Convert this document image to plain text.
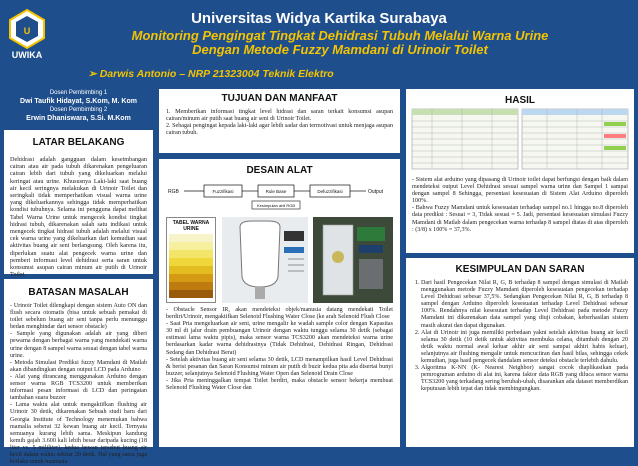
U
UWIKA
Universitas Widya Kartika Surabaya
Monitoring Pengingat Tingkat Dehidrasi Tubuh Melalui Warna Urine
Dengan Metode Fuzzy Mamdani di Urinoir Toilet
➢ Darwis Antonio – NRP 21323004 Teknik Elektro
Dosen Pembimbing 1
Dwi Taufik Hidayat, S.Kom, M. Kom
Dosen Pembimbing 2
Erwin Dhaniswara, S.Si. M.Kom
LATAR BELAKANG
Dehidrasi adalah gangguan dalam keseimbangan cairan atau air pada tubuh dikarenakan pengeluaran cairan lebih dari tubuh yang dikeluarkan melalui keringat atau urine. Khususnya Laki-laki saat buang air kecil seringnya melakukan di Urinoir Toilet dan seringkali tidak memperhatikan visual warna urine yang dikeluarkannya sehingga tidak memperhatikan kondisi tubuhnya. Selama ini pengguna dapat melihat Tabel Warna Urine untuk mengecek kondisi tingkat hidrasi tubuh, dikarenakan salah satu indikasi untuk mengecek tingkat hidrasi tubuh adalah melalui visual cek warna urine yang dikeluarkan dari kemudian saat aktivitas buang air seni berlangsung. Oleh karena itu, diperlukan suatu alat pengecek warna urine dan pemberi informasi level dehidrasi serta saran untuk konsumsi asupan cairan minum air putih di Urinoir Toilet.
BATASAN MASALAH
- Urinoir Toilet dilengkapi dengan sistem Auto ON dan flush secara otomatis (bisa untuk sebuah pemakai di toilet sebelum buang air seni tanpa perlu menunggu bedan menghindar dari sensor obstacle)
- Sample yang digunakan adalah air yang diberi pewarna dengan berbagai warna yang mendekati warna urine dengan 8 sampel warna sesuai dengan tabel warna urine.
- Metoda Simulasi Prediksi fuzzy Mamdani di Matlab akan dibandingkan dengan output LCD pada Arduino
- Alat yang dirancang menggunakan Arduino dengan sensor warna RGB TCS3200 untuk memberikan informasi pesan informasi di LCD dan peringatan tambahan suara buzzer
- Lama waktu alat untuk mengaktifkan flushing air Urinoir 30 detik, dikarenakan Sebuah studi baru dari Georgia Institute of Technology menemukan bahwa mamalia seberat 32 kewan buang air kecil. Ternyata semuanya kurang lebih sama. Meskipun kandung kemih gajah 3.600 kali lebih besar daripada kucing (18 liter vs. 5 mililiter), kedua hewan tersebut buang air kecil dalam waktu sekitar 20 detik. Hal yang sama juga berlaku untuk mamusia
TUJUAN DAN MANFAAT
1. Memberikan informasi tingkat level hidrasi dan saran terkait konsumsi asupan cairan/minum air putih saat buang air seni di Urinoir Toilet.
2. Sebagai pengingat kepada laki-laki agar lebih sadar dan termotivasi untuk menjaga asupan cairan tubuh.
DESAIN ALAT
RGB	Fuzzifikasi	Rule Base	Defuzzifikasi	Output
Kesimpulan ahli RGB
TABEL WARNA URINE
- Obstacle Sensor IR, akan mendeteksi objek/manusia datang mendekati Toilet berdiri/Urinoir, mengaktifkan Selenoid Flushing Water Close (ke arah Selenoid Flush Close
- Saat Pria mengeluarkan air seni, urine mengalir ke wadah sample color dengan Kapasitas 30 ml di jalur drain pembuangan Urinoir dengan waktu tunggu selama 30 detik (sebagai estimasi lama waktu pipis), maka sensor warna TCS3200 akan mendeteksi warna urine berdasarkan kadar warna dehidrasinya (Tidak Dehidrasi, Dehidrasi Ringan, Dehidrasi Sedang dan Dehidrasi Berat)
- Setelah aktivitas buang air seni selama 30 detik, LCD menampilkan hasil Level Dehidrasi & berisi pesanan dan Saran Konsumsi minum air putih di buzir kedua pita ada disertai bunyi buzzer, selanjutnya Selenoid Flushing Water Open dan Selenoid Drain Close
- Jika Pria meninggalkan tempat Toilet berdiri, maka obstacle sensor bekerja membuat Selenoid Flushing Water Close dan
HASIL
- Sistem alat arduino yang dipasang di Urinoir toilet dapat berfungsi dengan baik dalam mendeteksi output Level Dehidrasi sesuai sampel warna urine dan Sampel 1 sampai dengan sampel 8 Sehingga, persentasi kesesuaian di Sistem Alat Arduino diperoleh 100%.
- Bahwa Fuzzy Mamdani untuk kesesuaian terhadap sampel no.1 hingga no.8 diperoleh data prediksi : Sesuai = 3, Tidak sesuai = 5. Jadi, persentasi kesesuaian simulasi Fuzzy Mamdani di Matlab dalam pengecekan warna terhadap 8 sampel diatas di atas diperoleh : (3/8) x 100% = 37,3%.
KESIMPULAN DAN SARAN
1. Dari hasil Pengecekan Nilai R, G, B terhadap 8 sampel dengan simulasi di Matlab menggunakan metode Fuzzy Mamdani diperoleh kesesuaian pengecekan terhadap Level Dehidrasi sebesar 37,5%. Sedangkan Pengecekan Nilai R, G, B terhadap 8 sampel dengan Arduino diperoleh kesesuaian terhadap Level Dehidrasi sebesar 100%. Rendahnya nilai kesesuian terhadap Level Dehidrasi pada metode Fuzzy Mamdani ini dikarenakan data sampel yang diuji cobakan, keberhasilan sistem masih akurat dan dapat digunakan.
2. Alat di Urinoir ini juga memiliki perbedaan yakni setelah aktivitas buang air kecil selama 30 detik (10 detik untuk aktivitas membuka celana, ditambah dengan 20 detik waktu normal awal keluar akhir air seni sampai akhiri habis keluar), selanjutnya air flushing mengalir untuk mencuciiran dan hasil bilas, sehingga cekek kemudian, juga hasil pengecek dandalam sensor deteksi obstacle terlebih dahulu.
3. Algoritma K-NN (K- Nearest Neighbor) sangat cocok diaplikasikan pada pemrograman arduino di alat ini, karena faktor data RGB yang diluca sensor warna TCS3200 yang terkadang sering berubah-ubah, disarankan ada dataset memberdikan keputusan lebih tepat dan tidak membingungkan.
